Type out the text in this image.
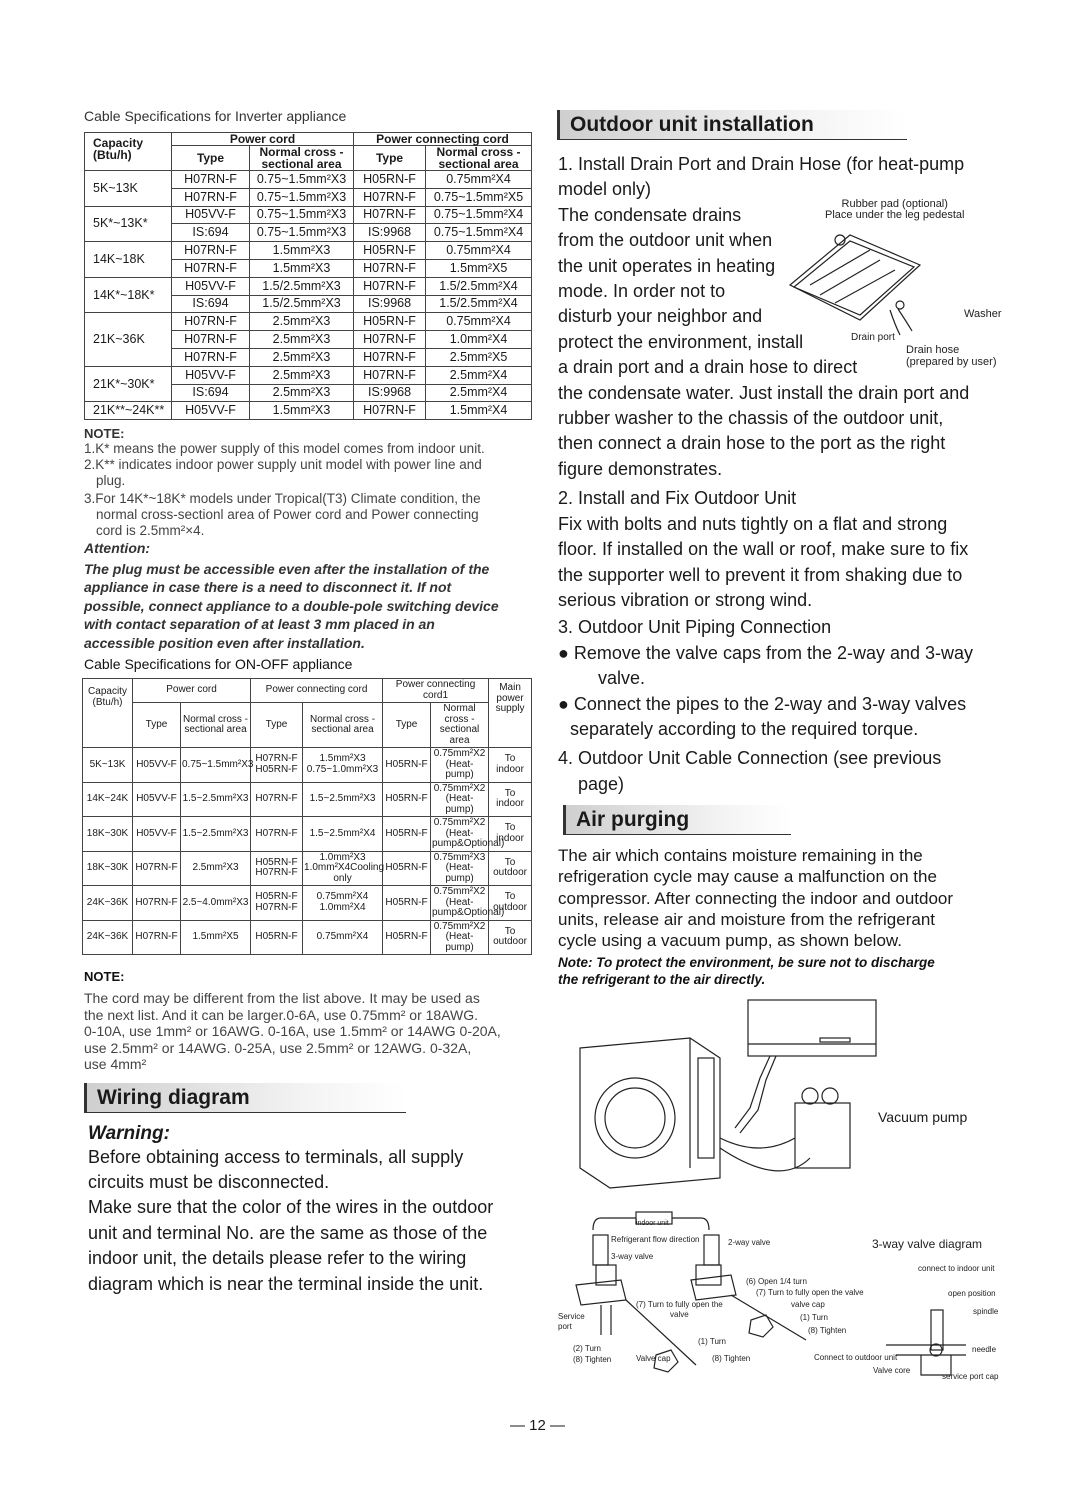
Cable Specifications for Inverter appliance
Capacity (Btu/h)	Power cord		Power connecting cord	
	Type	Normal cross - sectional area	Type	Normal cross - sectional area
5K~13K	H07RN-F	0.75~1.5mm²X3	H05RN-F	0.75mm²X4
	H07RN-F	0.75~1.5mm²X3	H07RN-F	0.75~1.5mm²X5
5K*~13K*	H05VV-F	0.75~1.5mm²X3	H07RN-F	0.75~1.5mm²X4
	IS:694	0.75~1.5mm²X3	IS:9968	0.75~1.5mm²X4
14K~18K	H07RN-F	1.5mm²X3	H05RN-F	0.75mm²X4
	H07RN-F	1.5mm²X3	H07RN-F	1.5mm²X5
14K*~18K*	H05VV-F	1.5/2.5mm²X3	H07RN-F	1.5/2.5mm²X4
	IS:694	1.5/2.5mm²X3	IS:9968	1.5/2.5mm²X4
21K~36K	H07RN-F	2.5mm²X3	H05RN-F	0.75mm²X4
	H07RN-F	2.5mm²X3	H07RN-F	1.0mm²X4
	H07RN-F	2.5mm²X3	H07RN-F	2.5mm²X5
21K*~30K*	H05VV-F	2.5mm²X3	H07RN-F	2.5mm²X4
	IS:694	2.5mm²X3	IS:9968	2.5mm²X4
21K**~24K**	H05VV-F	1.5mm²X3	H07RN-F	1.5mm²X4
NOTE:
1.K* means the power supply of this model comes from indoor unit.
2.K** indicates indoor power supply unit model with power line and
plug.
3.For 14K*~18K* models under Tropical(T3) Climate condition, the
normal cross-sectionl area of Power cord and Power connecting
cord is 2.5mm²×4.
Attention:
The plug must be accessible even after the installation of the
appliance in case there is a need to disconnect it. If not
possible, connect appliance to a double-pole switching device
with contact separation of at least 3 mm placed in an
accessible position even after installation.
Cable Specifications for ON-OFF appliance
Capacity (Btu/h)	Power cord		Power connecting cord		Power connecting cord1		Main power supply
	Type	Normal cross - sectional area	Type	Normal cross - sectional area	Type	Normal cross - sectional area	
5K~13K	H05VV-F	0.75~1.5mm²X3	H07RN-F H05RN-F	1.5mm²X3 0.75~1.0mm²X3	H05RN-F	0.75mm²X2 (Heat-pump)	To indoor
14K~24K	H05VV-F	1.5~2.5mm²X3	H07RN-F	1.5~2.5mm²X3	H05RN-F	0.75mm²X2 (Heat-pump)	To indoor
18K~30K	H05VV-F	1.5~2.5mm²X3	H07RN-F	1.5~2.5mm²X4	H05RN-F	0.75mm²X2 (Heat-pump&Optional)	To indoor
18K~30K	H07RN-F	2.5mm²X3	H05RN-F H07RN-F	1.0mm²X3 1.0mm²X4Cooling only	H05RN-F	0.75mm²X3 (Heat-pump)	To outdoor
24K~36K	H07RN-F	2.5~4.0mm²X3	H05RN-F H07RN-F	0.75mm²X4 1.0mm²X4	H05RN-F	0.75mm²X2 (Heat-pump&Optional)	To outdoor
24K~36K	H07RN-F	1.5mm²X5	H05RN-F	0.75mm²X4	H05RN-F	0.75mm²X2 (Heat-pump)	To outdoor
NOTE:
The cord may be different from the list above. It may be used as
the next list. And it can be larger.0-6A, use 0.75mm² or 18AWG.
0-10A, use 1mm² or 16AWG. 0-16A, use 1.5mm² or 14AWG 0-20A,
use 2.5mm² or 14AWG. 0-25A, use 2.5mm² or 12AWG. 0-32A,
use 4mm²
Wiring diagram
Warning:
Before obtaining access to terminals, all supply
circuits must be disconnected.
Make sure that the color of the wires in the outdoor
unit and terminal No. are the same as those of the
indoor unit, the details please refer to the wiring
diagram which is near the terminal inside the unit.
Outdoor unit installation
1. Install Drain Port and Drain Hose (for heat-pump
model only)
The condensate drains
from the outdoor unit when
the unit operates in heating
mode. In order not to
disturb your neighbor and
protect the environment, install
a drain port and a drain hose to direct
the condensate water. Just install the drain port and
rubber washer to the chassis of the outdoor unit,
then connect a drain hose to the port as the right
figure demonstrates.
2. Install and Fix Outdoor Unit
Fix with bolts and nuts tightly on a flat and strong
floor. If installed on the wall or roof, make sure to fix
the supporter well to prevent it from shaking due to
serious vibration or strong wind.
3. Outdoor Unit Piping Connection
● Remove the valve caps from the 2-way and 3-way
valve.
● Connect the pipes to the 2-way and 3-way valves
separately according to the required torque.
4. Outdoor Unit Cable Connection (see previous
page)
Air purging
The air which contains moisture remaining in the
refrigeration cycle may cause a malfunction on the
compressor. After connecting the indoor and outdoor
units, release air and moisture from the refrigerant
cycle using a vacuum pump, as shown below.
Note: To protect the environment, be sure not to discharge
the refrigerant to the air directly.
Rubber pad (optional)
Place under the leg pedestal
Washer
Drain port
Drain hose
(prepared by user)
Vacuum pump
indoor unit
Refrigerant flow direction	2-way valve
3-way valve
Service
port
(2) Turn
(8) Tighten
(7) Turn to fully open the
valve
Valve cap
(1) Turn
(8) Tighten
(6) Open 1/4 turn
(7) Turn to fully open the valve
valve cap
(1) Turn
(8) Tighten
3-way valve diagram
connect to indoor unit
open position
spindle
needle
Connect to outdoor unit
Valve core
service port cap
— 12 —
